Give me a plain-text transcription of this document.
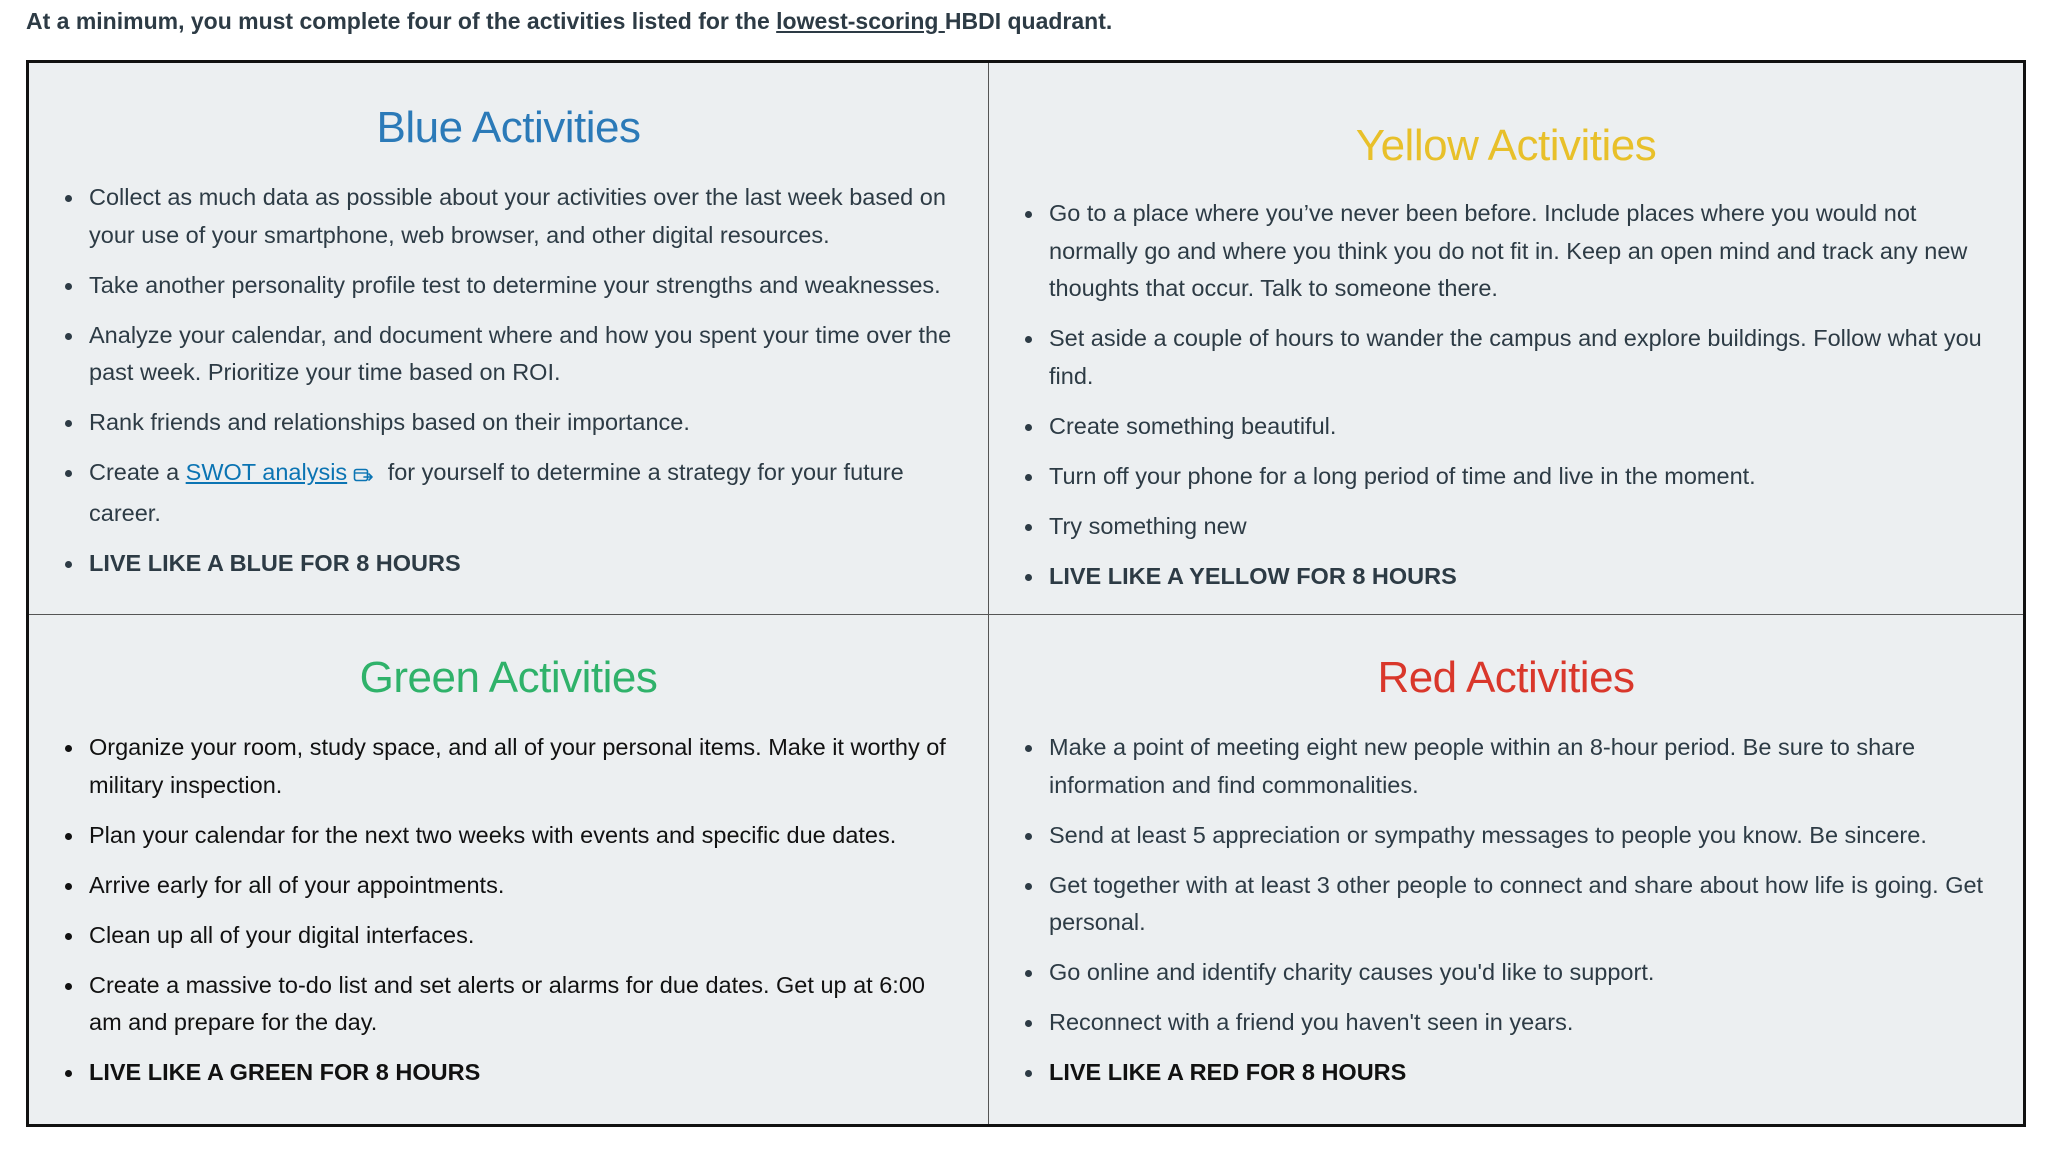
At a minimum, you must complete four of the activities listed for the lowest-scoring HBDI quadrant.
Blue Activities
Collect as much data as possible about your activities over the last week based on your use of your smartphone, web browser, and other digital resources.
Take another personality profile test to determine your strengths and weaknesses.
Analyze your calendar, and document where and how you spent your time over the past week. Prioritize your time based on ROI.
Rank friends and relationships based on their importance.
Create a SWOT analysis for yourself to determine a strategy for your future career.
LIVE LIKE A BLUE FOR 8 HOURS
Yellow Activities
Go to a place where you’ve never been before. Include places where you would not normally go and where you think you do not fit in. Keep an open mind and track any new thoughts that occur. Talk to someone there.
Set aside a couple of hours to wander the campus and explore buildings. Follow what you find.
Create something beautiful.
Turn off your phone for a long period of time and live in the moment.
Try something new
LIVE LIKE A YELLOW FOR 8 HOURS
Green Activities
Organize your room, study space, and all of your personal items. Make it worthy of military inspection.
Plan your calendar for the next two weeks with events and specific due dates.
Arrive early for all of your appointments.
Clean up all of your digital interfaces.
Create a massive to-do list and set alerts or alarms for due dates. Get up at 6:00 am and prepare for the day.
LIVE LIKE A GREEN FOR 8 HOURS
Red Activities
Make a point of meeting eight new people within an 8-hour period. Be sure to share information and find commonalities.
Send at least 5 appreciation or sympathy messages to people you know. Be sincere.
Get together with at least 3 other people to connect and share about how life is going. Get personal.
Go online and identify charity causes you'd like to support.
Reconnect with a friend you haven't seen in years.
LIVE LIKE A RED FOR 8 HOURS
